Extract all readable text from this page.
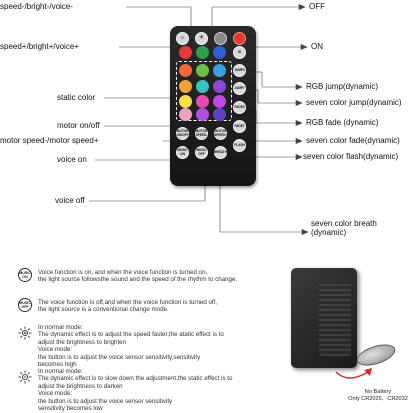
speed-/bright-/voice-	OFF
speed+/bright+/voice+	ON
static color
RGB jump(dynamic)
seven color jump(dynamic)
motor on/off	RGB fade (dynamic)
motor speed-/motor speed+	seven color fade(dynamic)
voice on	seven color flash(dynamic)
voice off
seven color breath
(dynamic)
☼ ☀
W
JUMP3
JUMP7
FADE3
FADE7
MOTOR ON/OFF
MOTOR SPEED-
MOTOR SPEED+
FLASH
MUSIC ON
MUSIC OFF	BREATH
MUSIC ON
Voice function is on, and when the voice function is turned on,
the light source followsthe sound and the speed of the rhythm to change.
MUSIC OFF
The voice function is off,and when the voice function is turned off,
the light source is a conventional change mode.
In normal mode:
The dynamic effect is to adjust the speed faster,the atatic effect is to
adjust the brightness to brighten
Voice mode:
the button is to adjust the voice sensor sensitivity,sensitivity
becomes high
In normal mode:
The dynamic effect is to slow down the adjustment,the static effect is to
adjust the brightness to darken
Voice mode:
the button is to adjust the voice sensor sensitivity
sensitivity becomes low
No Battery
Only CR2025、CR2032
